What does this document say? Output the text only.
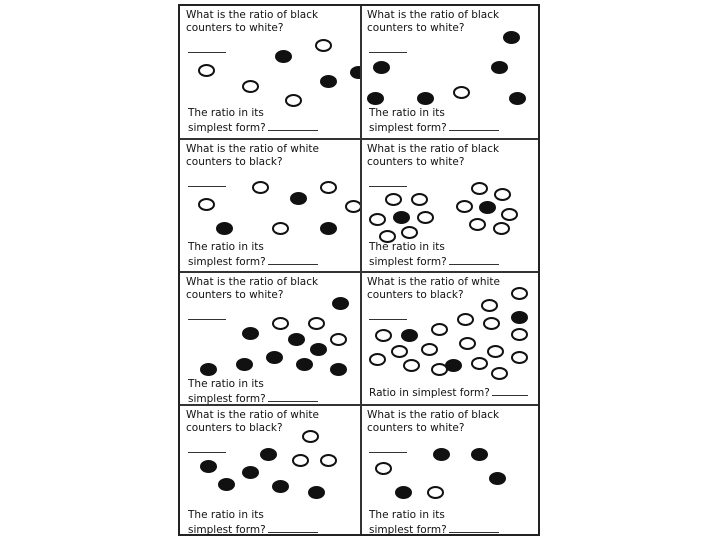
What is the ratio of black
counters to white?

The ratio in its
simplest form?

What is the ratio of black
counters to white?

The ratio in its
simplest form?

What is the ratio of white
counters to black?

The ratio in its
simplest form?

What is the ratio of black
counters to white?

The ratio in its
simplest form?

What is the ratio of black
counters to white?

The ratio in its
simplest form?

What is the ratio of white
counters to black?

Ratio in simplest form?

What is the ratio of white
counters to black?

The ratio in its
simplest form?

What is the ratio of black
counters to white?

The ratio in its
simplest form?
